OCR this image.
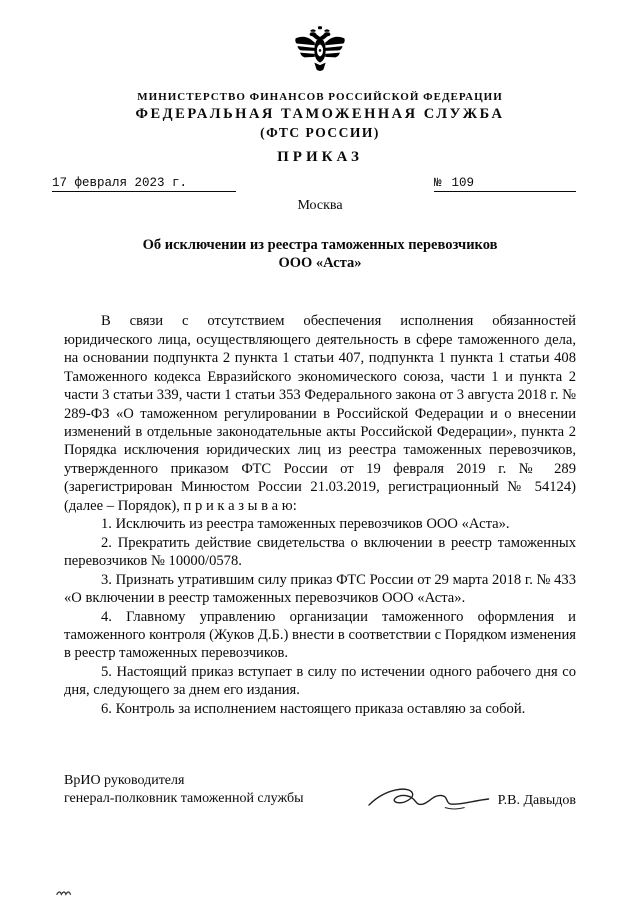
МИНИСТЕРСТВО ФИНАНСОВ РОССИЙСКОЙ ФЕДЕРАЦИИ
ФЕДЕРАЛЬНАЯ ТАМОЖЕННАЯ СЛУЖБА
(ФТС РОССИИ)
ПРИКАЗ
17 февраля 2023 г.	№ 109
Москва
Об исключении из реестра таможенных перевозчиков
ООО «Аста»

В связи с отсутствием обеспечения исполнения обязанностей юридического лица, осуществляющего деятельность в сфере таможенного дела, на основании подпункта 2 пункта 1 статьи 407, подпункта 1 пункта 1 статьи 408 Таможенного кодекса Евразийского экономического союза, части 1 и пункта 2 части 3 статьи 339, части 1 статьи 353 Федерального закона от 3 августа 2018 г. № 289-ФЗ «О таможенном регулировании в Российской Федерации и о внесении изменений в отдельные законодательные акты Российской Федерации», пункта 2 Порядка исключения юридических лиц из реестра таможенных перевозчиков, утвержденного приказом ФТС России от 19 февраля 2019 г. № 289 (зарегистрирован Минюстом России 21.03.2019, регистрационный № 54124) (далее – Порядок), п р и к а з ы в а ю:

1. Исключить из реестра таможенных перевозчиков ООО «Аста».

2. Прекратить действие свидетельства о включении в реестр таможенных перевозчиков № 10000/0578.

3. Признать утратившим силу приказ ФТС России от 29 марта 2018 г. № 433 «О включении в реестр таможенных перевозчиков ООО «Аста».

4. Главному управлению организации таможенного оформления и таможенного контроля (Жуков Д.Б.) внести в соответствии с Порядком изменения в реестр таможенных перевозчиков.

5. Настоящий приказ вступает в силу по истечении одного рабочего дня со дня, следующего за днем его издания.

6. Контроль за исполнением настоящего приказа оставляю за собой.

ВрИО руководителя
генерал-полковник таможенной службы	Р.В. Давыдов
